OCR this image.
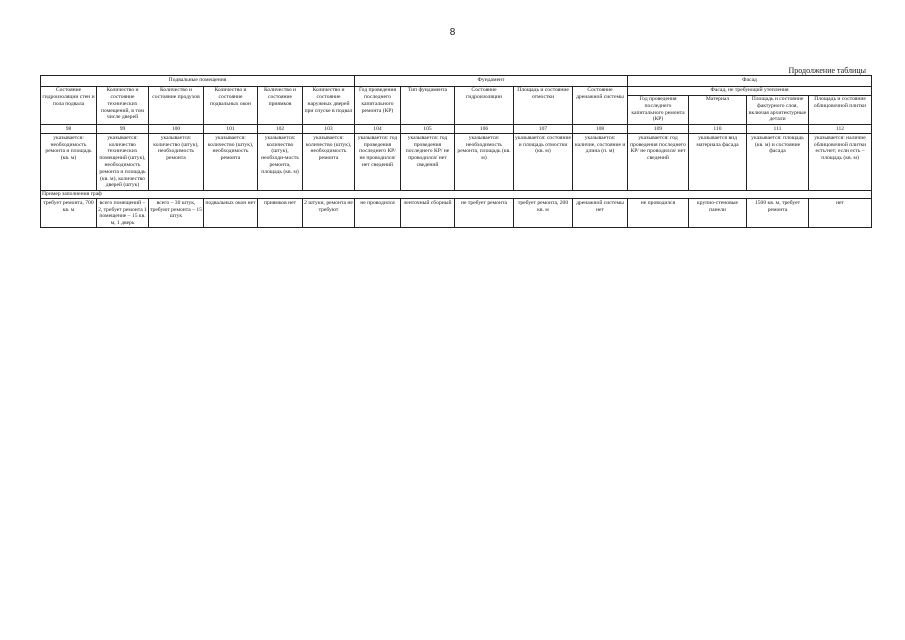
8
Продолжение таблицы
Подвальные помещения						Фундамент					Фасад			
Состояние гидроизоляции стен и пола подвала	Количество и состояние технических помещений, в том числе дверей	Количество и состояние продухов	Количество и состояние подвальных окон	Количество и состояние приямков	Количество и состояние наружных дверей при спуске в подвал	Год проведения последнего капитального ремонта (КР)	Тип фундамента	Состояние гидроизоляции	Площадь и состояние отмостки	Состояние дренажной системы	Фасад, не требующий утепления			
											Год проведения последнего капитального ремонта (КР)	Материал	Площадь и состояние фактурного слоя, включая архитектурные детали	Площадь и состояние облицовочной плитки
98	99	100	101	102	103	104	105	106	107	108	109	110	111	112
указывается: необходимость ремонта и площадь (кв. м)	указывается: количество технических помещений (штук), необходимость ремонта и площадь (кв. м), количество дверей (штук)	указывается: количество (штук), необходимость ремонта	указывается: количество (штук), необходимость ремонта	указывается: количество (штук), необходи-мость ремонта, площадь (кв. м)	указывается: количество (штук), необходимость ремонта	указывается: год проведения последнего КР/ не проводился/ нет сведений	указывается: год проведения последнего КР/ не проводился/ нет сведений	указывается: необходимость ремонта, площадь (кв. м)	указывается: состояние и площадь отмостки (кв. м)	указывается: наличие, состояние и длина (п. м)	указывается: год проведения последнего КР/ не проводился/ нет сведений	указывается вид материала фасада	указывается: площадь (кв. м) и состояние фасада	указывается: наличие облицовочной плитки есть/нет; если есть – площадь (кв. м)
Пример заполнения граф														
требует ремонта, 700 кв. м	всего помещений – 2, требует ремонта 1 помещение – 15 кв. м, 1 дверь	всего – 30 штук, требуют ремонта – 15 штук	подвальных окон нет	приямков нет	2 штуки, ремонта не требуют	не проводился	ленточный сборный	не требует ремонта	требует ремонта, 200 кв. м	дренажной системы нет	не проводился	крупно-стеновые панели	1500 кв. м, требует ремонта	нет
